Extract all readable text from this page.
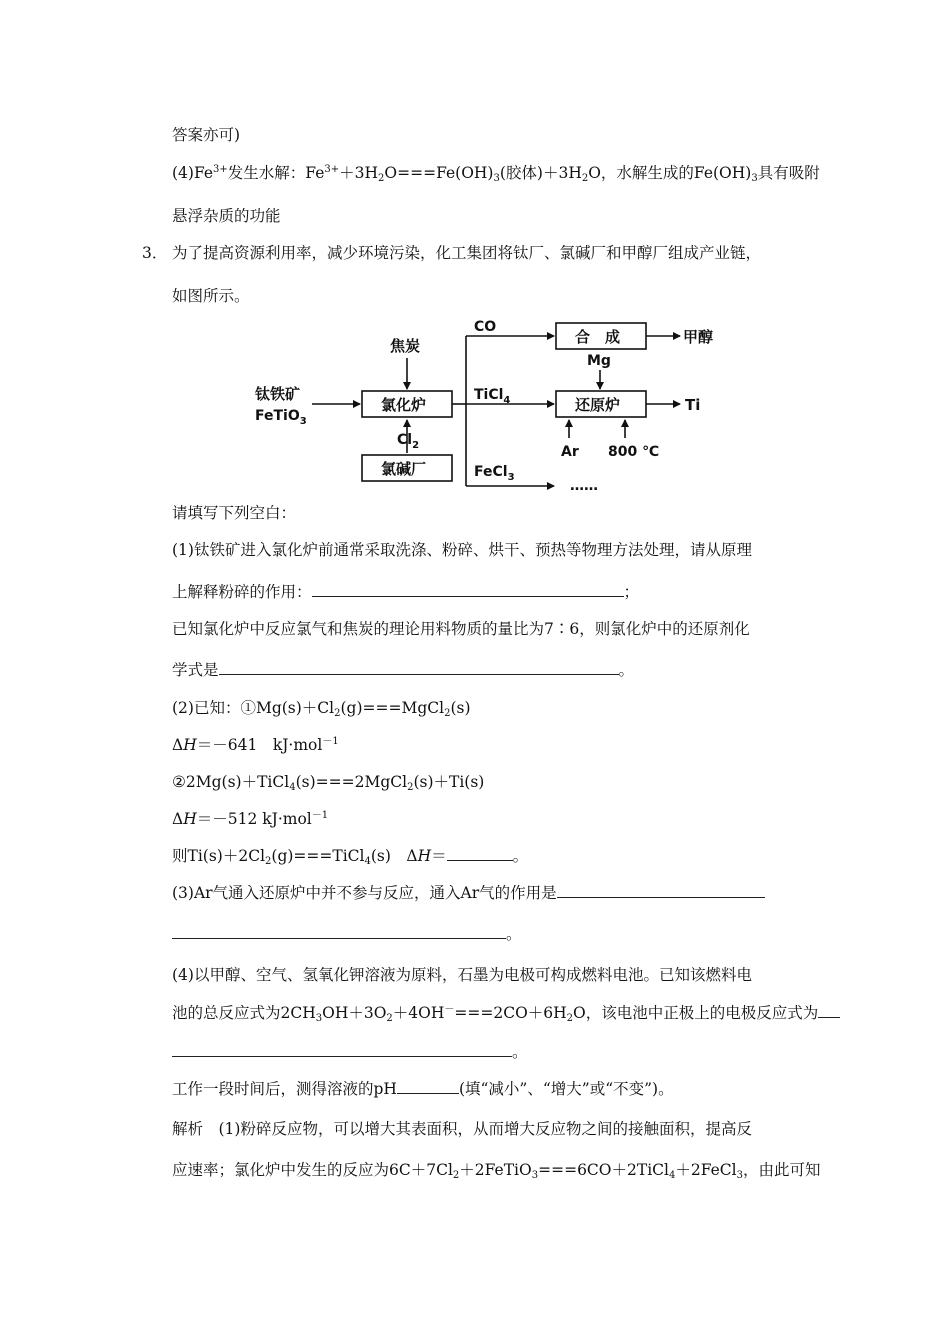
答案亦可)
$(4)Fe^{3+}$发生水解：$Fe^{3+}+3H_2O===Fe(OH)_3$(胶体)$+3H_2O$，水解生成的$Fe(OH)_3$具有吸附
悬浮杂质的功能
3． 为了提高资源利用率，减少环境污染，化工集团将钛厂、氯碱厂和甲醇厂组成产业链，
如图所示。
钛铁矿
FeTiO$_3$
焦炭
氯化炉
$Cl_2$
氯碱厂
CO
合　成	甲醇
Mg
TiCl$_4$	还原炉	Ti
Ar 800 ℃
FeCl$_3$
……
请填写下列空白：
(1)钛铁矿进入氯化炉前通常采取洗涤、粉碎、烘干、预热等物理方法处理，请从原理
上解释粉碎的作用：	；
已知氯化炉中反应氯气和焦炭的理论用料物质的量比为7∶6，则氯化炉中的还原剂化
学式是	。
(2)已知：$①Mg(s)+Cl_2(g)===MgCl_2(s)$
ΔH＝－641　kJ·mol$^{-1}$
②2Mg(s)＋TiCl$_4$(s)===2MgCl$_2$(s)＋Ti(s)
ΔH＝－512 kJ·mol$^{-1}$
则$Ti(s)+2Cl_2(g)===TiCl_4(s)$　ΔH＝	。
(3)Ar气通入还原炉中并不参与反应，通入Ar气的作用是
。
(4)以甲醇、空气、氢氧化钾溶液为原料，石墨为电极可构成燃料电池。已知该燃料电
池的总反应式为$2CH_3OH+3O_2+4OH^-===2CO+6H_2O$，该电池中正极上的电极反应式为
。
工作一段时间后，测得溶液的pH	(填“减小”、“增大”或“不变”)。
解析　(1)粉碎反应物，可以增大其表面积，从而增大反应物之间的接触面积，提高反
应速率；氯化炉中发生的反应为$6C+7Cl_2+2FeTiO_3===6CO+2TiCl_4+2FeCl_3$，由此可知
